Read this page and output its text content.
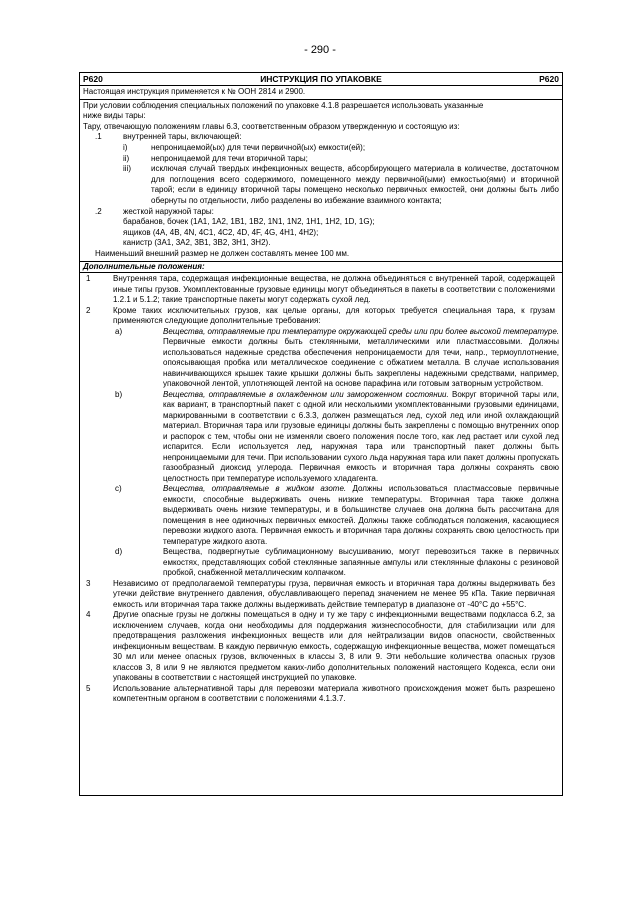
- 290 -
P620	ИНСТРУКЦИЯ ПО УПАКОВКЕ	P620
Настоящая инструкция применяется к № ООН 2814 и 2900.
При условии соблюдения специальных положений по упаковке 4.1.8 разрешается использовать указанные
ниже виды тары:
Тару, отвечающую положениям главы 6.3, соответственным образом утвержденную и состоящую из:
.1	внутренней тары, включающей:
i)	непроницаемой(ых) для течи первичной(ых) емкости(ей);
ii)	непроницаемой для течи вторичной тары;
iii)	исключая случай твердых инфекционных веществ, абсорбирующего материала в количестве, достаточном для поглощения всего содержимого, помещенного между первичной(ыми) емкостью(ями) и вторичной тарой; если в единицу вторичной тары помещено несколько первичных емкостей, они должны быть либо обернуты по отдельности, либо разделены во избежание взаимного контакта;
.2	жесткой наружной тары:
барабанов, бочек (1A1, 1A2, 1B1, 1B2, 1N1, 1N2, 1H1, 1H2, 1D, 1G);
ящиков (4A, 4B, 4N, 4C1, 4C2, 4D, 4F, 4G, 4H1, 4H2);
канистр (3A1, 3A2, 3B1, 3B2, 3H1, 3H2).
Наименьший внешний размер не должен составлять менее 100 мм.
Дополнительные положения:
1	Внутренняя тара, содержащая инфекционные вещества, не должна объединяться с внутренней тарой, содержащей иные типы грузов. Укомплектованные грузовые единицы могут объединяться в пакеты в соответствии с положениями 1.2.1 и 5.1.2; такие транспортные пакеты могут содержать сухой лед.
2	Кроме таких исключительных грузов, как целые органы, для которых требуется специальная тара, к грузам применяются следующие дополнительные требования:
a)	Вещества, отправляемые при температуре окружающей среды или при более высокой температуре. Первичные емкости должны быть стеклянными, металлическими или пластмассовыми. Должны использоваться надежные средства обеспечения непроницаемости для течи, напр., термоуплотнение, опоясывающая пробка или металлическое соединение с обжатием металла. В случае использования навинчивающихся крышек такие крышки должны быть закреплены надежными средствами, например, упаковочной лентой, уплотняющей лентой на основе парафина или готовым затворным устройством.
b)	Вещества, отправляемые в охлажденном или замороженном состоянии. Вокруг вторичной тары или, как вариант, в транспортный пакет с одной или несколькими укомплектованными грузовыми единицами, маркированными в соответствии с 6.3.3, должен размещаться лед, сухой лед или иной охлаждающий материал. Вторичная тара или грузовые единицы должны быть закреплены с помощью внутренних опор и распорок с тем, чтобы они не изменяли своего положения после того, как лед растает или сухой лед испарится. Если используется лед, наружная тара или транспортный пакет должны быть непроницаемыми для течи. При использовании сухого льда наружная тара или пакет должны пропускать газообразный диоксид углерода. Первичная емкость и вторичная тара должны сохранять свою целостность при температуре используемого хладагента.
c)	Вещества, отправляемые в жидком азоте. Должны использоваться пластмассовые первичные емкости, способные выдерживать очень низкие температуры. Вторичная тара также должна выдерживать очень низкие температуры, и в большинстве случаев она должна быть рассчитана для помещения в нее одиночных первичных емкостей. Должны также соблюдаться положения, касающиеся перевозки жидкого азота. Первичная емкость и вторичная тара должны сохранять свою целостность при температуре жидкого азота.
d)	Вещества, подвергнутые сублимационному высушиванию, могут перевозиться также в первичных емкостях, представляющих собой стеклянные запаянные ампулы или стеклянные флаконы с резиновой пробкой, снабженной металлическим колпачком.
3	Независимо от предполагаемой температуры груза, первичная емкость и вторичная тара должны выдерживать без утечки действие внутреннего давления, обуславливающего перепад значением не менее 95 кПа. Такие первичная емкость или вторичная тара также должны выдерживать действие температур в диапазоне от -40°C до +55°C.
4	Другие опасные грузы не должны помещаться в одну и ту же тару с инфекционными веществами подкласса 6.2, за исключением случаев, когда они необходимы для поддержания жизнеспособности, для стабилизации или для предотвращения разложения инфекционных веществ или для нейтрализации видов опасности, свойственных инфекционным веществам. В каждую первичную емкость, содержащую инфекционные вещества, может помещаться 30 мл или менее опасных грузов, включенных в классы 3, 8 или 9. Эти небольшие количества опасных грузов классов 3, 8 или 9 не являются предметом каких-либо дополнительных положений настоящего Кодекса, если они упакованы в соответствии с настоящей инструкцией по упаковке.
5	Использование альтернативной тары для перевозки материала животного происхождения может быть разрешено компетентным органом в соответствии с положениями 4.1.3.7.
